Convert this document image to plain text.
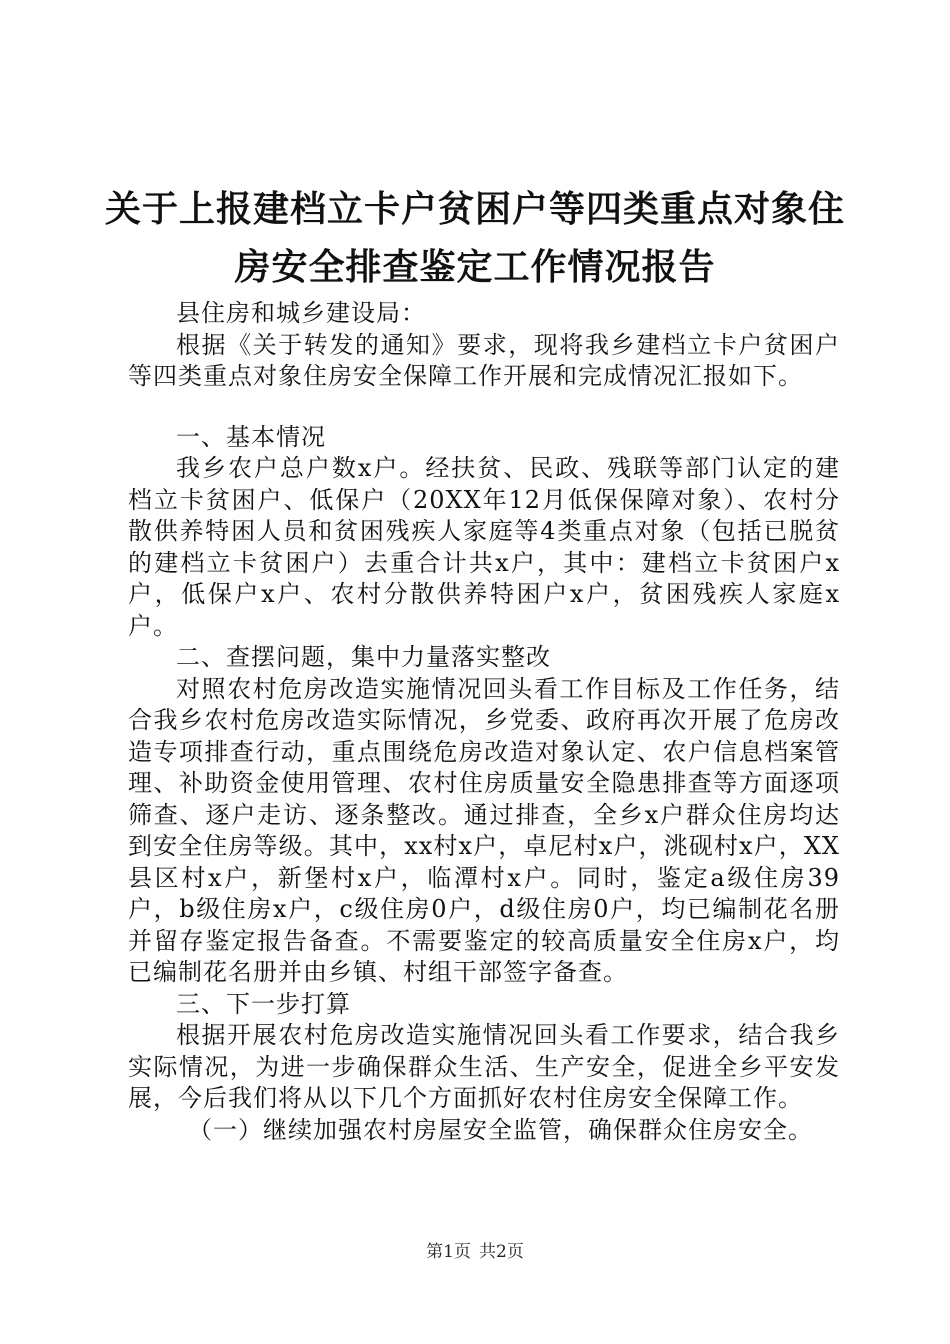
关于上报建档立卡户贫困户等四类重点对象住
房安全排查鉴定工作情况报告

县住房和城乡建设局：

根据《关于转发的通知》要求，现将我乡建档立卡户贫困户等四类重点对象住房安全保障工作开展和完成情况汇报如下。

一、基本情况

我乡农户总户数x户。经扶贫、民政、残联等部门认定的建档立卡贫困户、低保户（20XX年12月低保保障对象）、农村分散供养特困人员和贫困残疾人家庭等4类重点对象（包括已脱贫的建档立卡贫困户）去重合计共x户，其中：建档立卡贫困户x户，低保户x户、农村分散供养特困户x户，贫困残疾人家庭x户。

二、查摆问题，集中力量落实整改

对照农村危房改造实施情况回头看工作目标及工作任务，结合我乡农村危房改造实际情况，乡党委、政府再次开展了危房改造专项排查行动，重点围绕危房改造对象认定、农户信息档案管理、补助资金使用管理、农村住房质量安全隐患排查等方面逐项筛查、逐户走访、逐条整改。通过排查，全乡x户群众住房均达到安全住房等级。其中，xx村x户，卓尼村x户，洮砚村x户，XX县区村x户，新堡村x户，临潭村x户。同时，鉴定a级住房39户，b级住房x户，c级住房0户，d级住房0户，均已编制花名册并留存鉴定报告备查。不需要鉴定的较高质量安全住房x户，均已编制花名册并由乡镇、村组干部签字备查。

三、下一步打算

根据开展农村危房改造实施情况回头看工作要求，结合我乡实际情况，为进一步确保群众生活、生产安全，促进全乡平安发展，今后我们将从以下几个方面抓好农村住房安全保障工作。

（一）继续加强农村房屋安全监管，确保群众住房安全。

第1页 共2页
